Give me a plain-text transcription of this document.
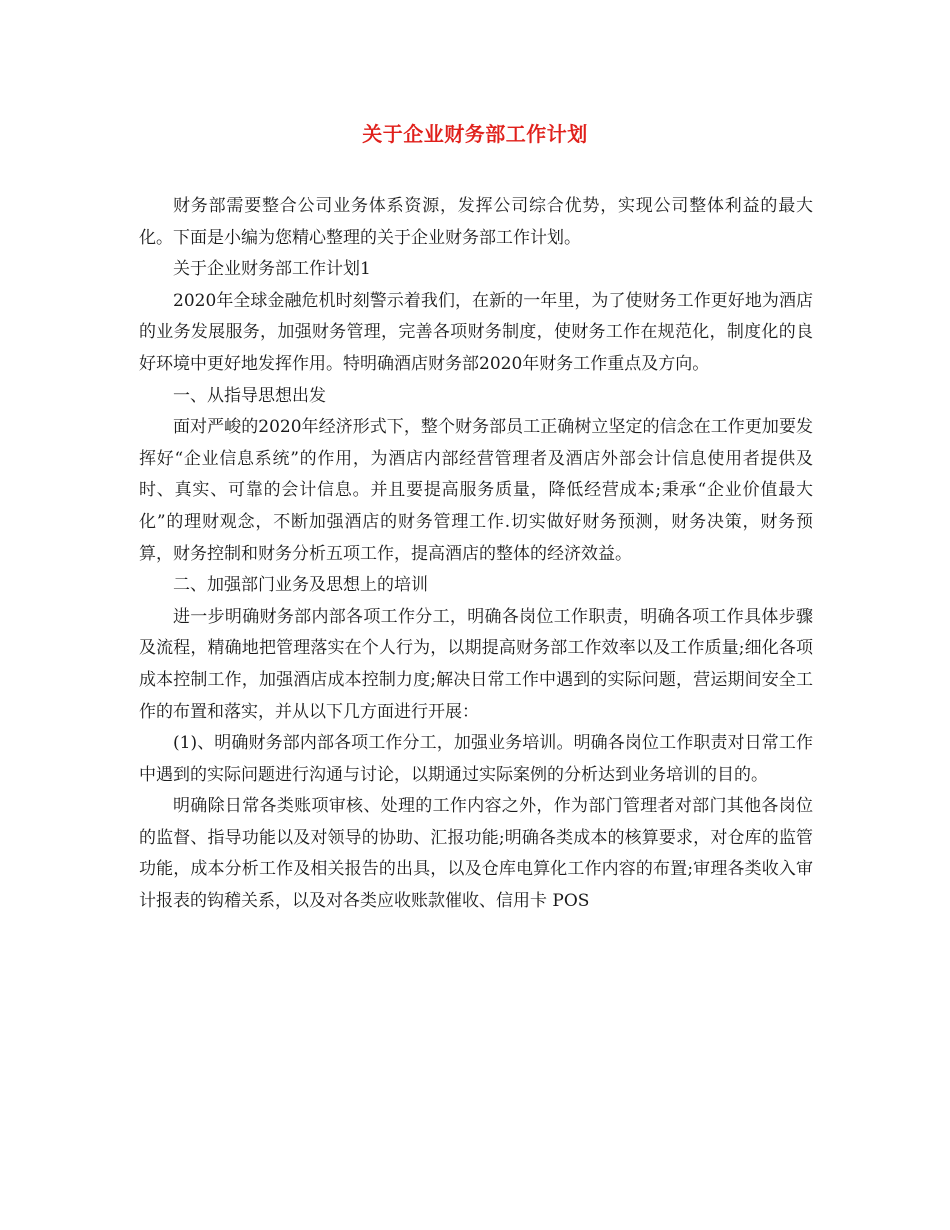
关于企业财务部工作计划

财务部需要整合公司业务体系资源，发挥公司综合优势，实现公司整体利益的最大化。下面是小编为您精心整理的关于企业财务部工作计划。

关于企业财务部工作计划1

2020年全球金融危机时刻警示着我们，在新的一年里，为了使财务工作更好地为酒店的业务发展服务，加强财务管理，完善各项财务制度，使财务工作在规范化，制度化的良好环境中更好地发挥作用。特明确酒店财务部2020年财务工作重点及方向。

一、从指导思想出发

面对严峻的2020年经济形式下，整个财务部员工正确树立坚定的信念在工作更加要发挥好“企业信息系统”的作用，为酒店内部经营管理者及酒店外部会计信息使用者提供及时、真实、可靠的会计信息。并且要提高服务质量，降低经营成本;秉承“企业价值最大化”的理财观念，不断加强酒店的财务管理工作.切实做好财务预测，财务决策，财务预算，财务控制和财务分析五项工作，提高酒店的整体的经济效益。

二、加强部门业务及思想上的培训

进一步明确财务部内部各项工作分工，明确各岗位工作职责，明确各项工作具体步骤及流程，精确地把管理落实在个人行为，以期提高财务部工作效率以及工作质量;细化各项成本控制工作，加强酒店成本控制力度;解决日常工作中遇到的实际问题，营运期间安全工作的布置和落实，并从以下几方面进行开展：

(1)、明确财务部内部各项工作分工，加强业务培训。明确各岗位工作职责对日常工作中遇到的实际问题进行沟通与讨论，以期通过实际案例的分析达到业务培训的目的。

明确除日常各类账项审核、处理的工作内容之外，作为部门管理者对部门其他各岗位的监督、指导功能以及对领导的协助、汇报功能;明确各类成本的核算要求，对仓库的监管功能，成本分析工作及相关报告的出具，以及仓库电算化工作内容的布置;审理各类收入审计报表的钩稽关系，以及对各类应收账款催收、信用卡 POS
